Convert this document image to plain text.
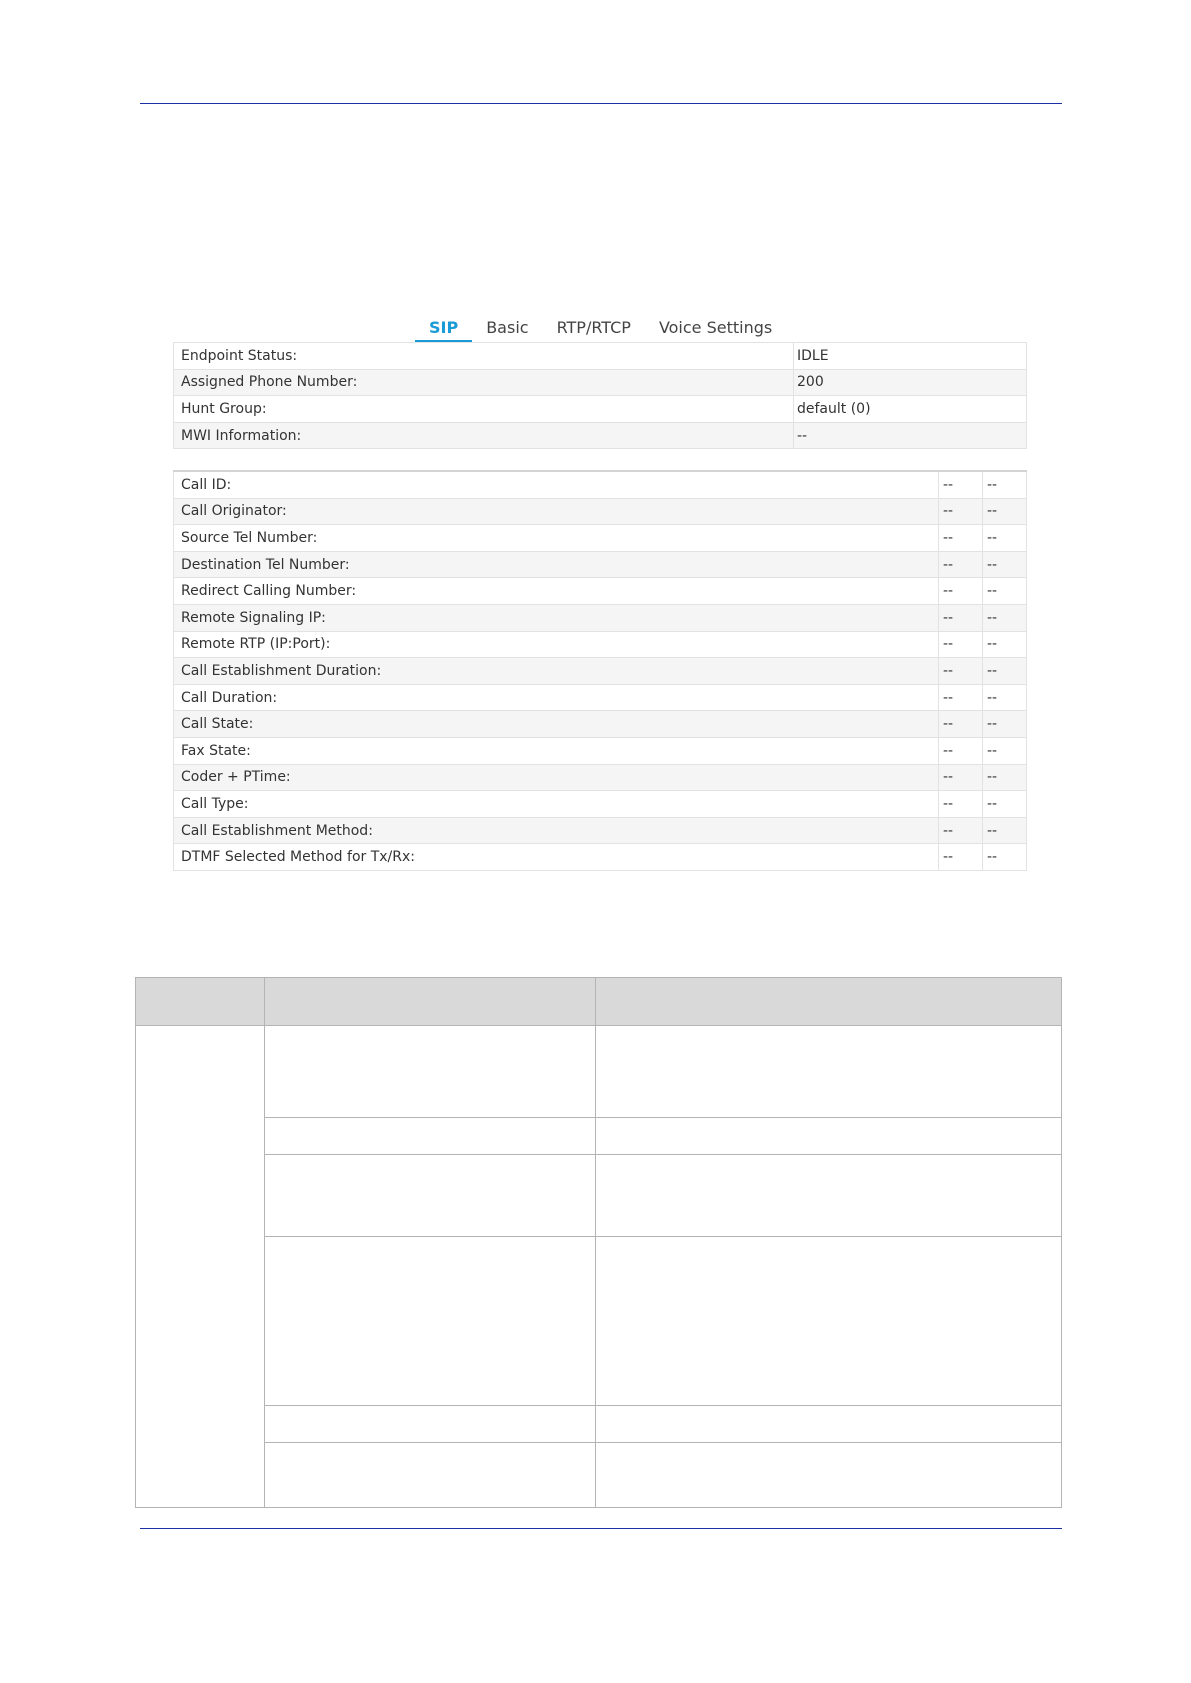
SIP	Basic	RTP/RTCP	Voice Settings
Endpoint Status:	IDLE
Assigned Phone Number:	200
Hunt Group:	default (0)
MWI Information:	--
Call ID:	--	--
Call Originator:	--	--
Source Tel Number:	--	--
Destination Tel Number:	--	--
Redirect Calling Number:	--	--
Remote Signaling IP:	--	--
Remote RTP (IP:Port):	--	--
Call Establishment Duration:	--	--
Call Duration:	--	--
Call State:	--	--
Fax State:	--	--
Coder + PTime:	--	--
Call Type:	--	--
Call Establishment Method:	--	--
DTMF Selected Method for Tx/Rx:	--	--
